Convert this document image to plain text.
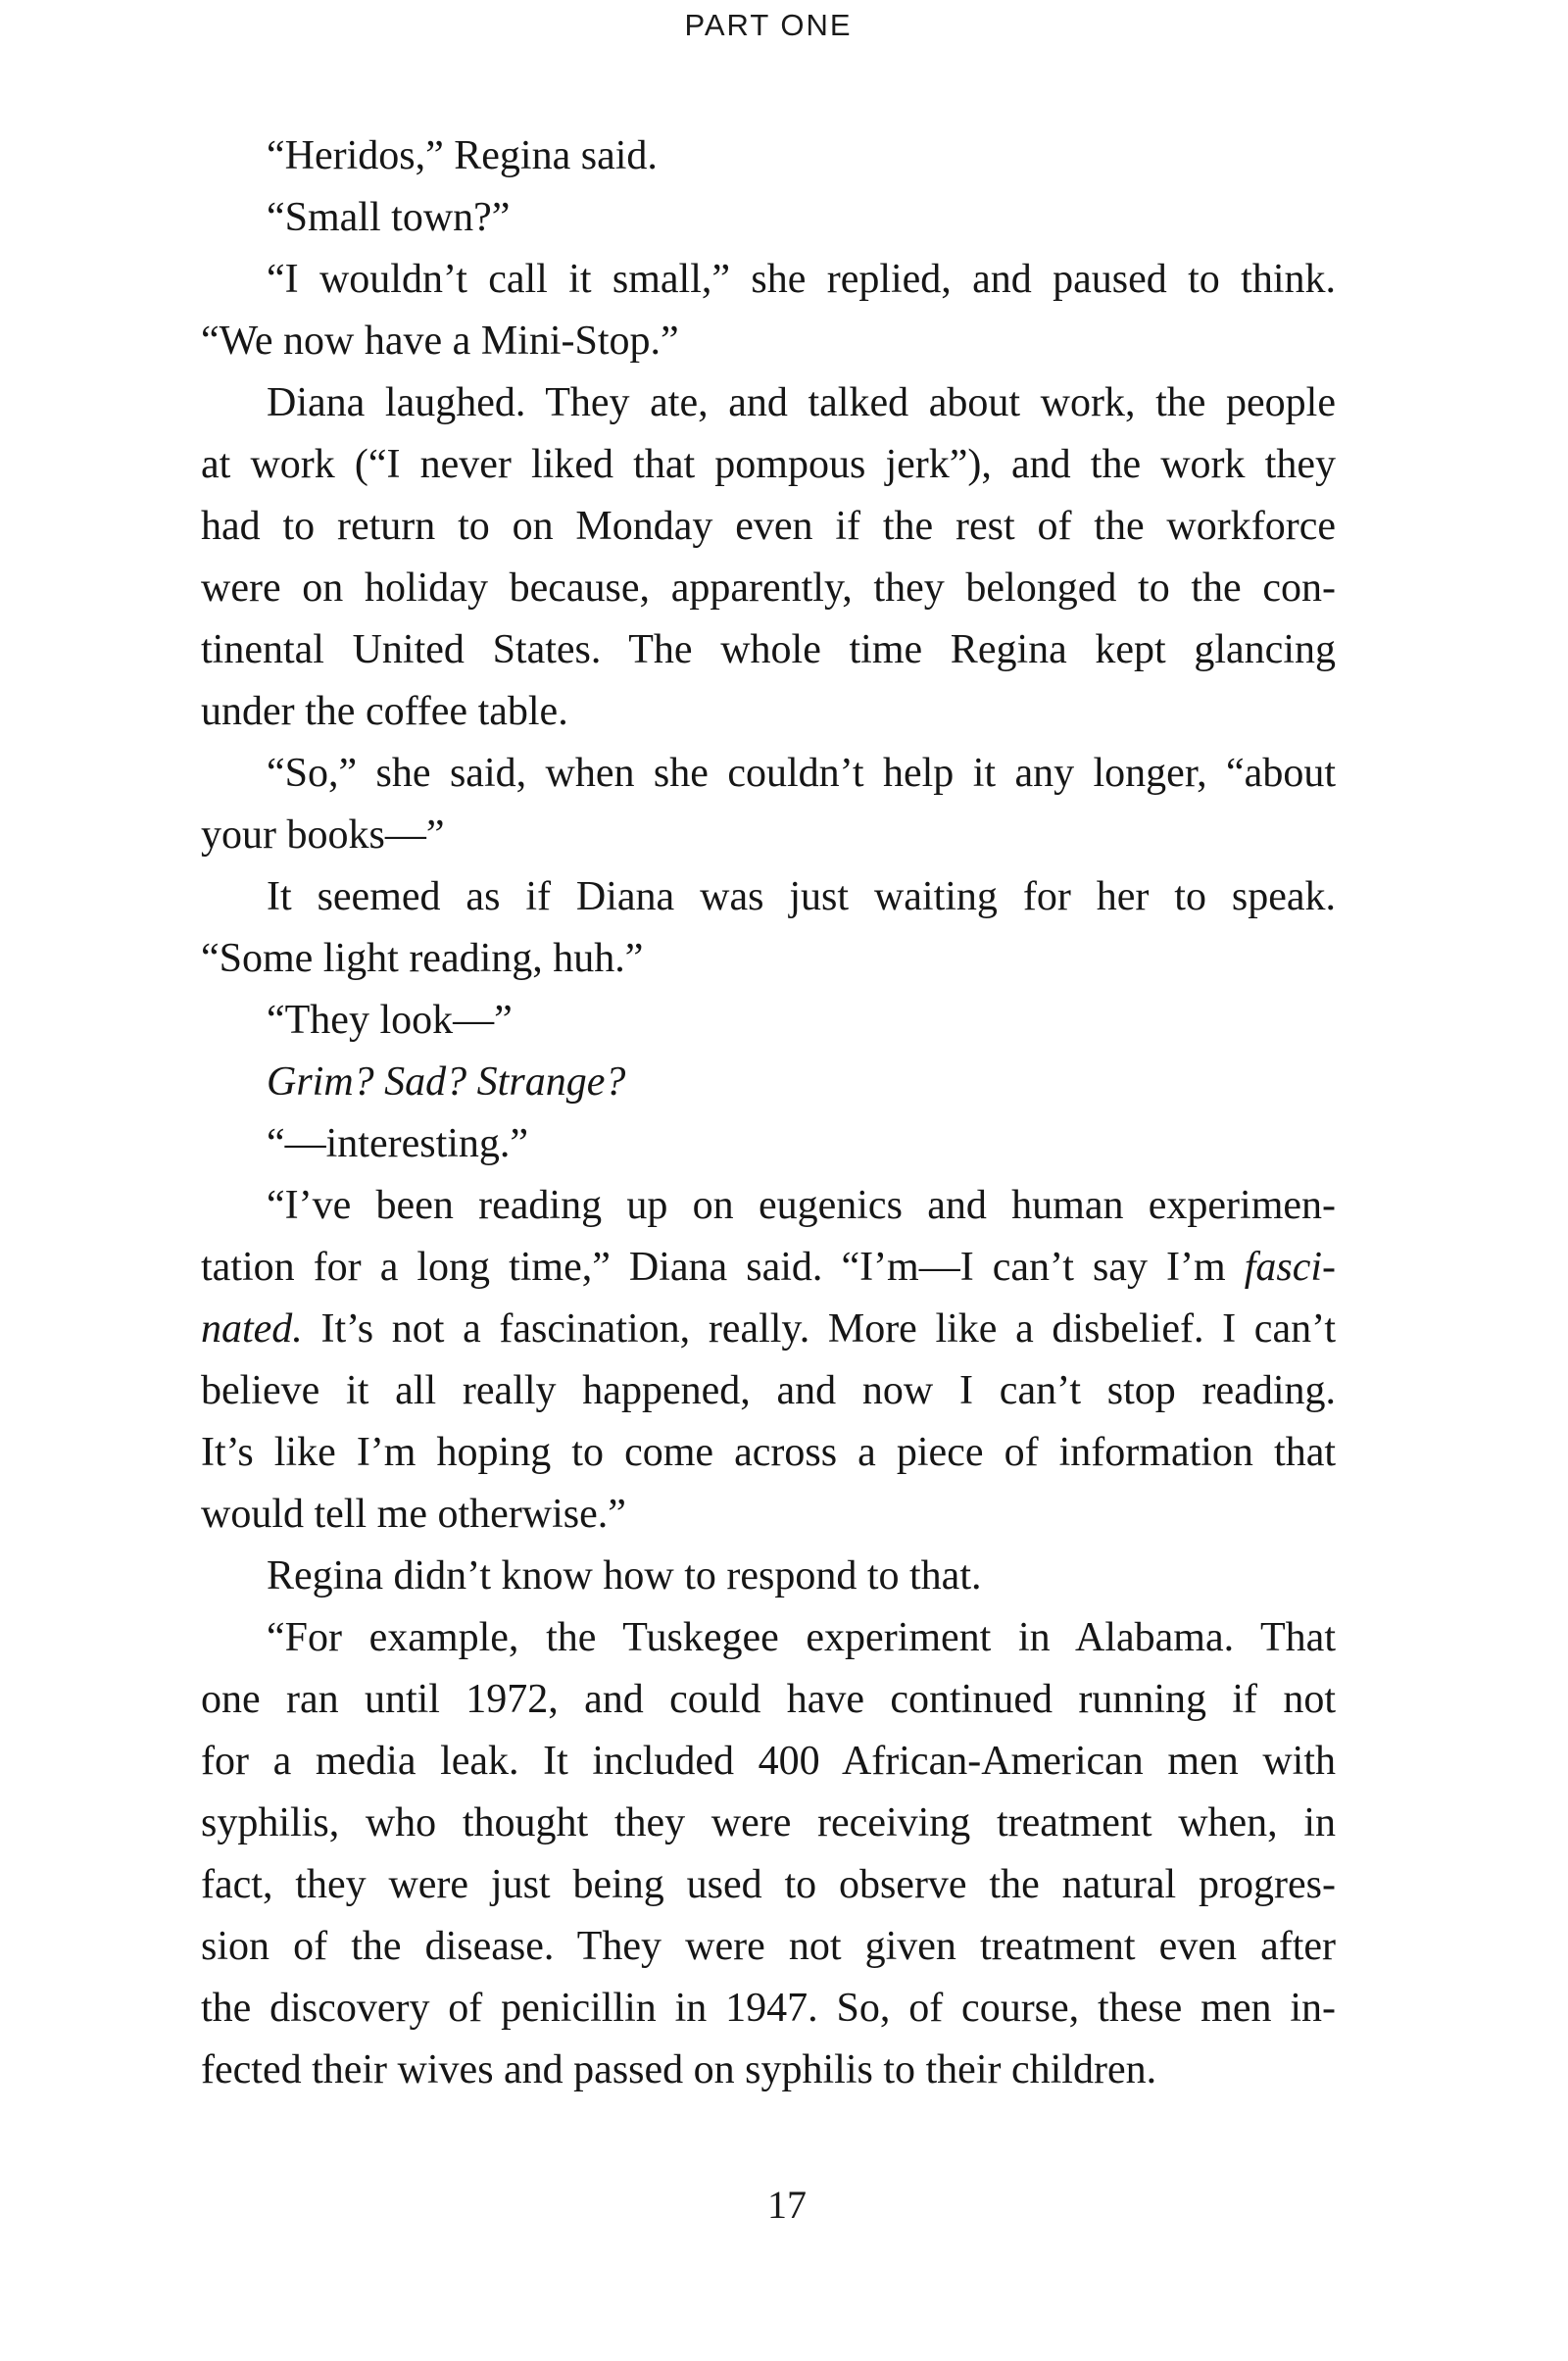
PART ONE
“Heridos,” Regina said.
“Small town?”
“I wouldn’t call it small,” she replied, and paused to think.
“We now have a Mini-Stop.”
Diana laughed. They ate, and talked about work, the people
at work (“I never liked that pompous jerk”), and the work they
had to return to on Monday even if the rest of the workforce
were on holiday because, apparently, they belonged to the con-
tinental United States. The whole time Regina kept glancing
under the coffee table.
“So,” she said, when she couldn’t help it any longer, “about
your books—”
It seemed as if Diana was just waiting for her to speak.
“Some light reading, huh.”
“They look—”
Grim? Sad? Strange?
“—interesting.”
“I’ve been reading up on eugenics and human experimen-
tation for a long time,” Diana said. “I’m—I can’t say I’m fasci-
nated. It’s not a fascination, really. More like a disbelief. I can’t
believe it all really happened, and now I can’t stop reading.
It’s like I’m hoping to come across a piece of information that
would tell me otherwise.”
Regina didn’t know how to respond to that.
“For example, the Tuskegee experiment in Alabama. That
one ran until 1972, and could have continued running if not
for a media leak. It included 400 African-American men with
syphilis, who thought they were receiving treatment when, in
fact, they were just being used to observe the natural progres-
sion of the disease. They were not given treatment even after
the discovery of penicillin in 1947. So, of course, these men in-
fected their wives and passed on syphilis to their children.
17
